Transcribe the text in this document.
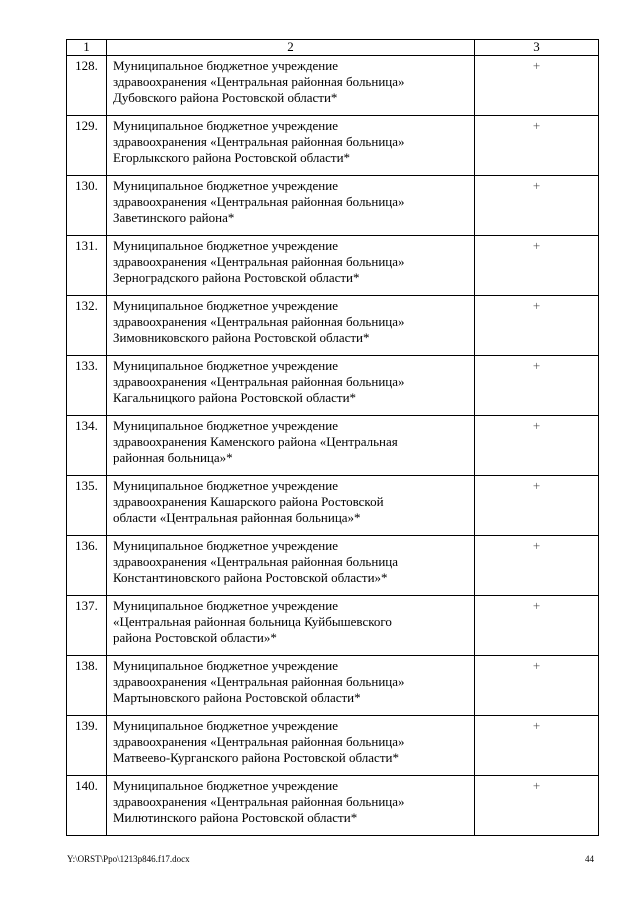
1	2	3
128.	Муниципальное бюджетное учреждение
здравоохранения «Центральная районная больница»
Дубовского района Ростовской области*	+
129.	Муниципальное бюджетное учреждение
здравоохранения «Центральная районная больница»
Егорлыкского района Ростовской области*	+
130.	Муниципальное бюджетное учреждение
здравоохранения «Центральная районная больница»
Заветинского района*	+
131.	Муниципальное бюджетное учреждение
здравоохранения «Центральная районная больница»
Зерноградского района Ростовской области*	+
132.	Муниципальное бюджетное учреждение
здравоохранения «Центральная районная больница»
Зимовниковского района Ростовской области*	+
133.	Муниципальное бюджетное учреждение
здравоохранения «Центральная районная больница»
Кагальницкого района Ростовской области*	+
134.	Муниципальное бюджетное учреждение
здравоохранения Каменского района «Центральная
районная больница»*	+
135.	Муниципальное бюджетное учреждение
здравоохранения Кашарского района Ростовской
области «Центральная районная больница»*	+
136.	Муниципальное бюджетное учреждение
здравоохранения «Центральная районная больница
Константиновского района Ростовской области»*	+
137.	Муниципальное бюджетное учреждение
«Центральная районная больница Куйбышевского
района Ростовской области»*	+
138.	Муниципальное бюджетное учреждение
здравоохранения «Центральная районная больница»
Мартыновского района Ростовской области*	+
139.	Муниципальное бюджетное учреждение
здравоохранения «Центральная районная больница»
Матвеево-Курганского района Ростовской области*	+
140.	Муниципальное бюджетное учреждение
здравоохранения «Центральная районная больница»
Милютинского района Ростовской области*	+
Y:\ORST\Ppo\1213p846.f17.docx	44
